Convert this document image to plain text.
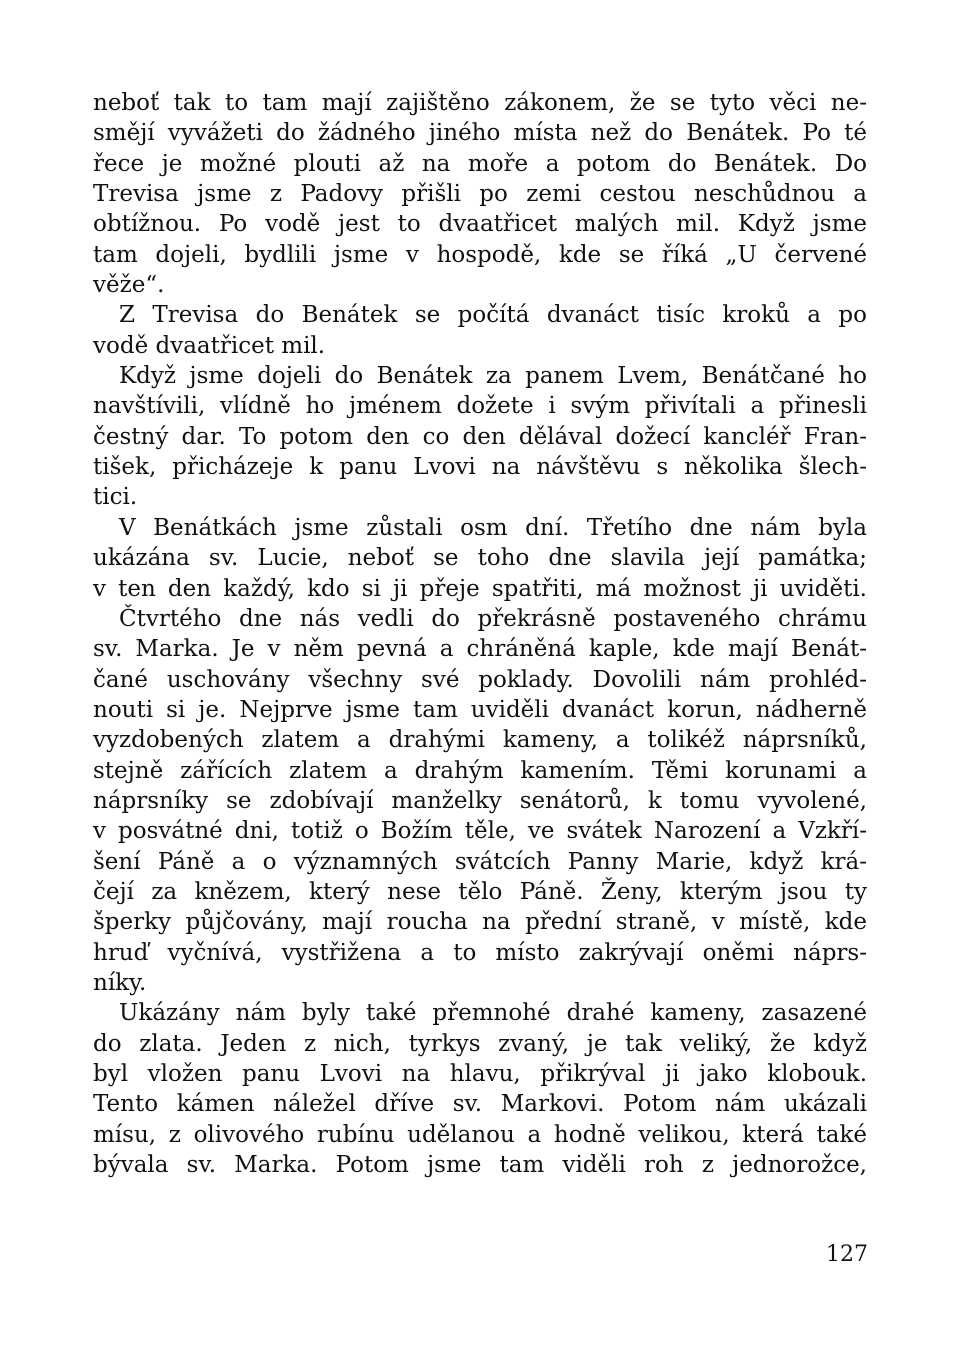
neboť tak to tam mají zajištěno zákonem, že se tyto věci ne-
smějí vyvážeti do žádného jiného místa než do Benátek. Po té
řece je možné plouti až na moře a potom do Benátek. Do
Trevisa jsme z Padovy přišli po zemi cestou neschůdnou a
obtížnou. Po vodě jest to dvaatřicet malých mil. Když jsme
tam dojeli, bydlili jsme v hospodě, kde se říká „U červené
věže“.
Z Trevisa do Benátek se počítá dvanáct tisíc kroků a po
vodě dvaatřicet mil.
Když jsme dojeli do Benátek za panem Lvem, Benátčané ho
navštívili, vlídně ho jménem dožete i svým přivítali a přinesli
čestný dar. To potom den co den dělával dožecí kancléř Fran-
tišek, přicházeje k panu Lvovi na návštěvu s několika šlech-
tici.
V Benátkách jsme zůstali osm dní. Třetího dne nám byla
ukázána sv. Lucie, neboť se toho dne slavila její památka;
v ten den každý, kdo si ji přeje spatřiti, má možnost ji uviděti.
Čtvrtého dne nás vedli do překrásně postaveného chrámu
sv. Marka. Je v něm pevná a chráněná kaple, kde mají Benát-
čané uschovány všechny své poklady. Dovolili nám prohléd-
nouti si je. Nejprve jsme tam uviděli dvanáct korun, nádherně
vyzdobených zlatem a drahými kameny, a tolikéž náprsníků,
stejně zářících zlatem a drahým kamením. Těmi korunami a
náprsníky se zdobívají manželky senátorů, k tomu vyvolené,
v posvátné dni, totiž o Božím těle, ve svátek Narození a Vzkří-
šení Páně a o významných svátcích Panny Marie, když krá-
čejí za knězem, který nese tělo Páně. Ženy, kterým jsou ty
šperky půjčovány, mají roucha na přední straně, v místě, kde
hruď vyčnívá, vystřižena a to místo zakrývají oněmi náprs-
níky.
Ukázány nám byly také přemnohé drahé kameny, zasazené
do zlata. Jeden z nich, tyrkys zvaný, je tak veliký, že když
byl vložen panu Lvovi na hlavu, přikrýval ji jako klobouk.
Tento kámen náležel dříve sv. Markovi. Potom nám ukázali
mísu, z olivového rubínu udělanou a hodně velikou, která také
bývala sv. Marka. Potom jsme tam viděli roh z jednorožce,
127
